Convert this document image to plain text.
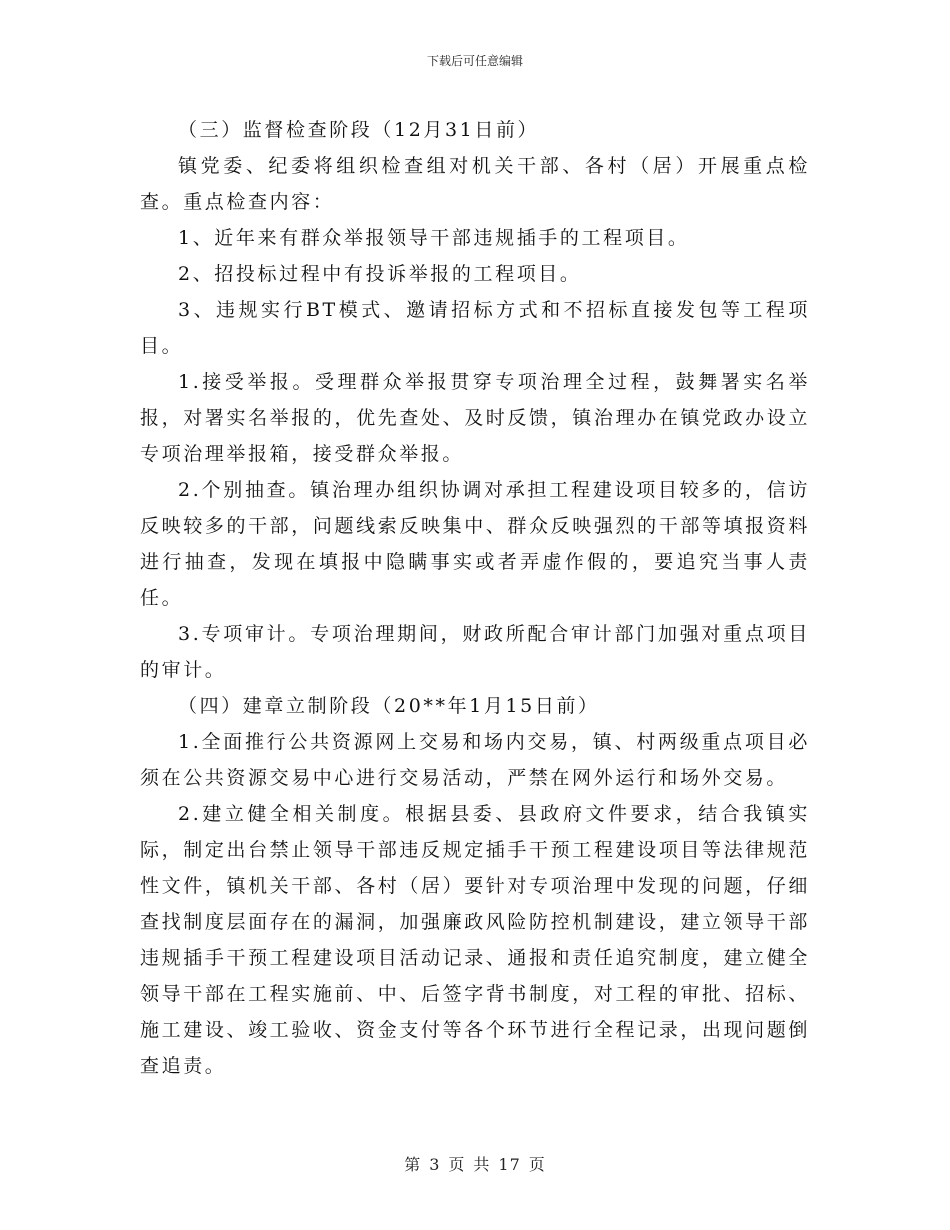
下载后可任意编辑

（三）监督检查阶段（12月31日前）

镇党委、纪委将组织检查组对机关干部、各村（居）开展重点检查。重点检查内容：

1、近年来有群众举报领导干部违规插手的工程项目。

2、招投标过程中有投诉举报的工程项目。

3、违规实行BT模式、邀请招标方式和不招标直接发包等工程项目。

1.接受举报。受理群众举报贯穿专项治理全过程，鼓舞署实名举报，对署实名举报的，优先查处、及时反馈，镇治理办在镇党政办设立专项治理举报箱，接受群众举报。

2.个别抽查。镇治理办组织协调对承担工程建设项目较多的，信访反映较多的干部，问题线索反映集中、群众反映强烈的干部等填报资料进行抽查，发现在填报中隐瞒事实或者弄虚作假的，要追究当事人责任。

3.专项审计。专项治理期间，财政所配合审计部门加强对重点项目的审计。

（四）建章立制阶段（20**年1月15日前）

1.全面推行公共资源网上交易和场内交易，镇、村两级重点项目必须在公共资源交易中心进行交易活动，严禁在网外运行和场外交易。

2.建立健全相关制度。根据县委、县政府文件要求，结合我镇实际，制定出台禁止领导干部违反规定插手干预工程建设项目等法律规范性文件，镇机关干部、各村（居）要针对专项治理中发现的问题，仔细查找制度层面存在的漏洞，加强廉政风险防控机制建设，建立领导干部违规插手干预工程建设项目活动记录、通报和责任追究制度，建立健全领导干部在工程实施前、中、后签字背书制度，对工程的审批、招标、施工建设、竣工验收、资金支付等各个环节进行全程记录，出现问题倒查追责。

第 3 页 共 17 页
